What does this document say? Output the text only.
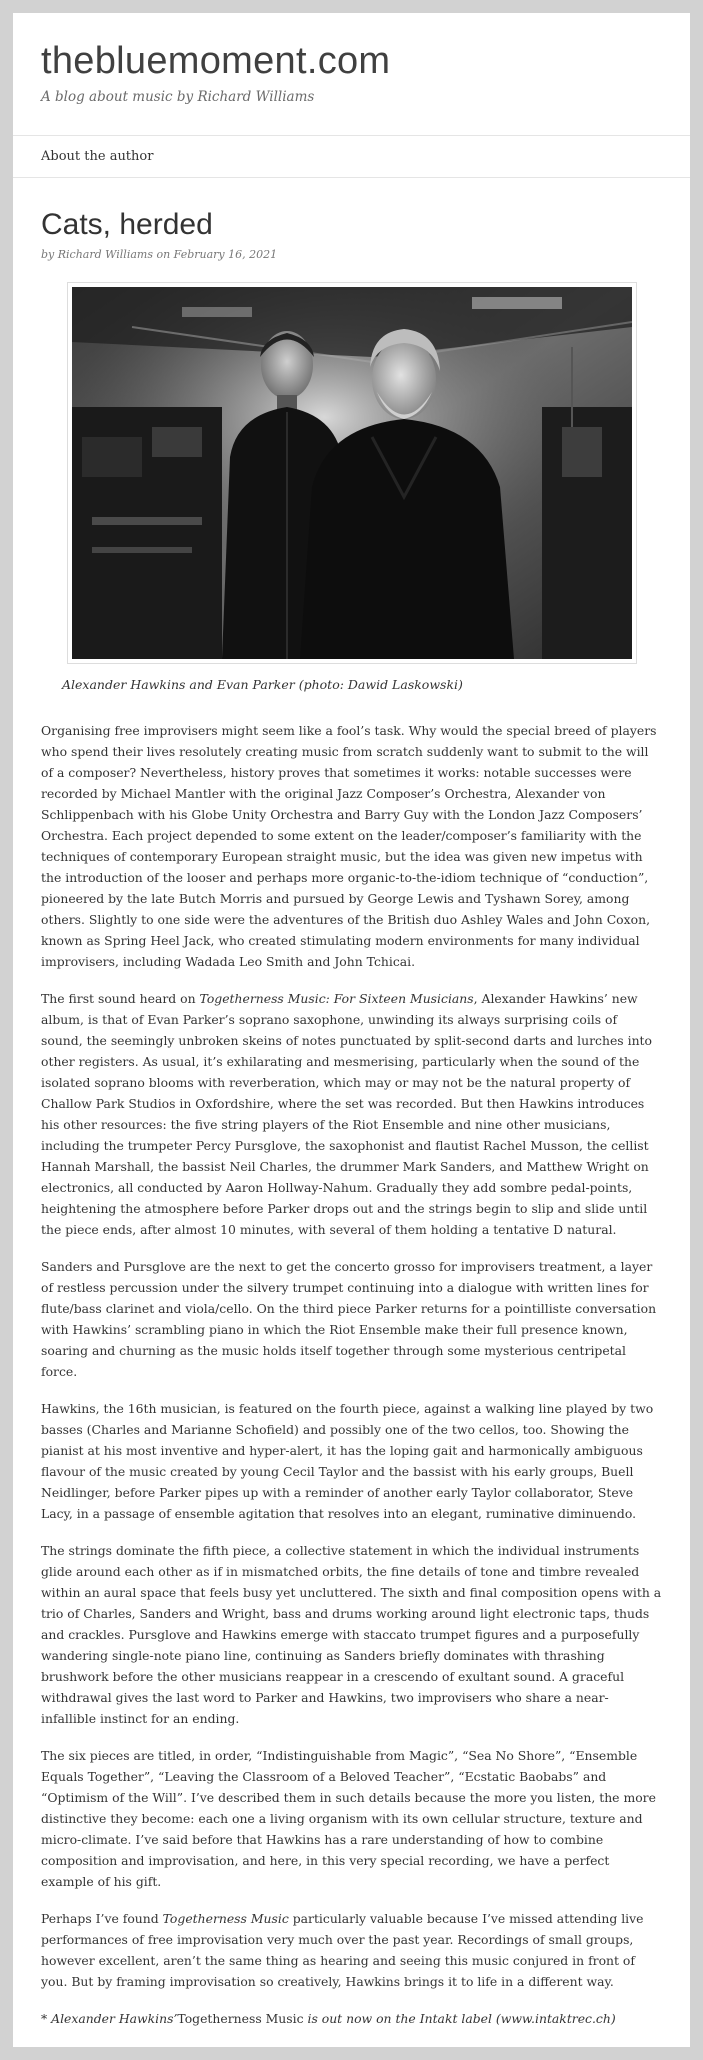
thebluemoment.com
A blog about music by Richard Williams
About the author
Cats, herded
by Richard Williams on February 16, 2021
Alexander Hawkins and Evan Parker (photo: Dawid Laskowski)

Organising free improvisers might seem like a fool’s task. Why would the special breed of players who spend their lives resolutely creating music from scratch suddenly want to submit to the will of a composer? Nevertheless, history proves that sometimes it works: notable successes were recorded by Michael Mantler with the original Jazz Composer’s Orchestra, Alexander von Schlippenbach with his Globe Unity Orchestra and Barry Guy with the London Jazz Composers’ Orchestra. Each project depended to some extent on the leader/composer’s familiarity with the techniques of contemporary European straight music, but the idea was given new impetus with the introduction of the looser and perhaps more organic-to-the-idiom technique of “conduction”, pioneered by the late Butch Morris and pursued by George Lewis and Tyshawn Sorey, among others. Slightly to one side were the adventures of the British duo Ashley Wales and John Coxon, known as Spring Heel Jack, who created stimulating modern environments for many individual improvisers, including Wadada Leo Smith and John Tchicai.

The first sound heard on Togetherness Music: For Sixteen Musicians, Alexander Hawkins’ new album, is that of Evan Parker’s soprano saxophone, unwinding its always surprising coils of sound, the seemingly unbroken skeins of notes punctuated by split-second darts and lurches into other registers. As usual, it’s exhilarating and mesmerising, particularly when the sound of the isolated soprano blooms with reverberation, which may or may not be the natural property of Challow Park Studios in Oxfordshire, where the set was recorded. But then Hawkins introduces his other resources: the five string players of the Riot Ensemble and nine other musicians, including the trumpeter Percy Pursglove, the saxophonist and flautist Rachel Musson, the cellist Hannah Marshall, the bassist Neil Charles, the drummer Mark Sanders, and Matthew Wright on electronics, all conducted by Aaron Hollway-Nahum. Gradually they add sombre pedal-points, heightening the atmosphere before Parker drops out and the strings begin to slip and slide until the piece ends, after almost 10 minutes, with several of them holding a tentative D natural.

Sanders and Pursglove are the next to get the concerto grosso for improvisers treatment, a layer of restless percussion under the silvery trumpet continuing into a dialogue with written lines for flute/bass clarinet and viola/cello. On the third piece Parker returns for a pointilliste conversation with Hawkins’ scrambling piano in which the Riot Ensemble make their full presence known, soaring and churning as the music holds itself together through some mysterious centripetal force.

Hawkins, the 16th musician, is featured on the fourth piece, against a walking line played by two basses (Charles and Marianne Schofield) and possibly one of the two cellos, too. Showing the pianist at his most inventive and hyper-alert, it has the loping gait and harmonically ambiguous flavour of the music created by young Cecil Taylor and the bassist with his early groups, Buell Neidlinger, before Parker pipes up with a reminder of another early Taylor collaborator, Steve Lacy, in a passage of ensemble agitation that resolves into an elegant, ruminative diminuendo.

The strings dominate the fifth piece, a collective statement in which the individual instruments glide around each other as if in mismatched orbits, the fine details of tone and timbre revealed within an aural space that feels busy yet uncluttered. The sixth and final composition opens with a trio of Charles, Sanders and Wright, bass and drums working around light electronic taps, thuds and crackles. Pursglove and Hawkins emerge with staccato trumpet figures and a purposefully wandering single-note piano line, continuing as Sanders briefly dominates with thrashing brushwork before the other musicians reappear in a crescendo of exultant sound. A graceful withdrawal gives the last word to Parker and Hawkins, two improvisers who share a near-infallible instinct for an ending.

The six pieces are titled, in order, “Indistinguishable from Magic”, “Sea No Shore”, “Ensemble Equals Together”, “Leaving the Classroom of a Beloved Teacher”, “Ecstatic Baobabs” and “Optimism of the Will”. I’ve described them in such details because the more you listen, the more distinctive they become: each one a living organism with its own cellular structure, texture and micro-climate. I’ve said before that Hawkins has a rare understanding of how to combine composition and improvisation, and here, in this very special recording, we have a perfect example of his gift.

Perhaps I’ve found Togetherness Music particularly valuable because I’ve missed attending live performances of free improvisation very much over the past year. Recordings of small groups, however excellent, aren’t the same thing as hearing and seeing this music conjured in front of you. But by framing improvisation so creatively, Hawkins brings it to life in a different way.

* Alexander Hawkins’Togetherness Music is out now on the Intakt label (www.intaktrec.ch)
